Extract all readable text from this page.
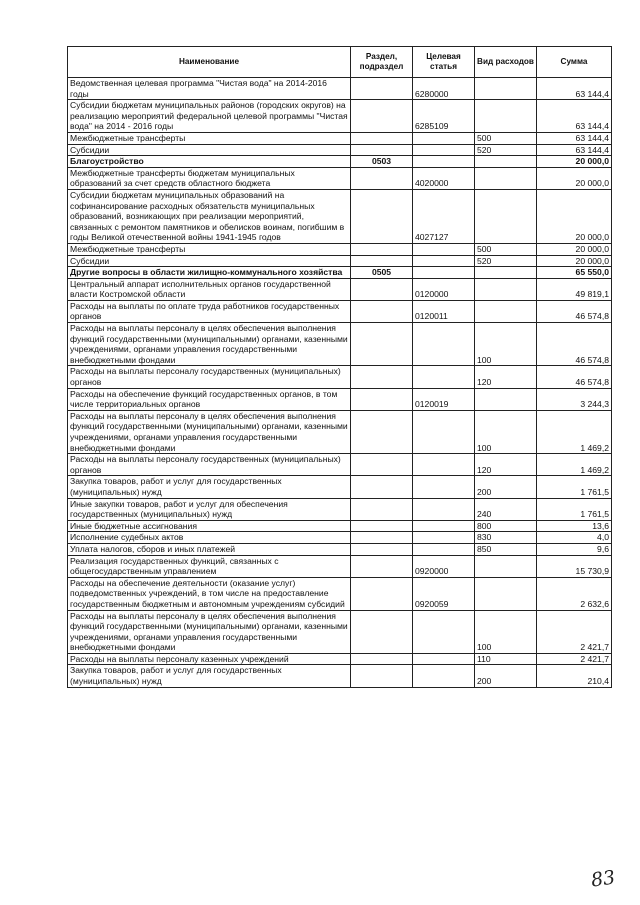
Наименование	Раздел, подраздел	Целевая статья	Вид расходов	Сумма
Ведомственная целевая программа "Чистая вода" на 2014-2016 годы		6280000		63 144,4
Субсидии бюджетам муниципальных районов (городских округов) на реализацию мероприятий федеральной целевой программы "Чистая вода" на 2014 - 2016 годы		6285109		63 144,4
Межбюджетные трансферты			500	63 144,4
Субсидии			520	63 144,4
Благоустройство	0503			20 000,0
Межбюджетные трансферты бюджетам муниципальных образований за счет средств областного бюджета		4020000		20 000,0
Субсидии бюджетам муниципальных образований на софинансирование расходных обязательств муниципальных образований, возникающих при реализации мероприятий, связанных с ремонтом памятников и обелисков воинам, погибшим в годы Великой отечественной войны 1941-1945 годов		4027127		20 000,0
Межбюджетные трансферты			500	20 000,0
Субсидии			520	20 000,0
Другие вопросы в области жилищно-коммунального хозяйства	0505			65 550,0
Центральный аппарат исполнительных органов государственной власти Костромской области		0120000		49 819,1
Расходы на выплаты по оплате труда работников государственных органов		0120011		46 574,8
Расходы на выплаты персоналу в целях обеспечения выполнения функций государственными (муниципальными) органами, казенными учреждениями, органами управления государственными внебюджетными фондами			100	46 574,8
Расходы на выплаты персоналу государственных (муниципальных) органов			120	46 574,8
Расходы на обеспечение функций государственных органов, в том числе территориальных органов		0120019		3 244,3
Расходы на выплаты персоналу в целях обеспечения выполнения функций государственными (муниципальными) органами, казенными учреждениями, органами управления государственными внебюджетными фондами			100	1 469,2
Расходы на выплаты персоналу государственных (муниципальных) органов			120	1 469,2
Закупка товаров, работ и услуг для государственных (муниципальных) нужд			200	1 761,5
Иные закупки товаров, работ и услуг для обеспечения государственных (муниципальных) нужд			240	1 761,5
Иные бюджетные ассигнования			800	13,6
Исполнение судебных актов			830	4,0
Уплата налогов, сборов и иных платежей			850	9,6
Реализация государственных функций, связанных с общегосударственным управлением		0920000		15 730,9
Расходы на обеспечение деятельности (оказание услуг) подведомственных учреждений, в том числе на предоставление государственным бюджетным и автономным учреждениям субсидий		0920059		2 632,6
Расходы на выплаты персоналу в целях обеспечения выполнения функций государственными (муниципальными) органами, казенными учреждениями, органами управления государственными внебюджетными фондами			100	2 421,7
Расходы на выплаты персоналу казенных учреждений			110	2 421,7
Закупка товаров, работ и услуг для государственных (муниципальных) нужд			200	210,4
83
